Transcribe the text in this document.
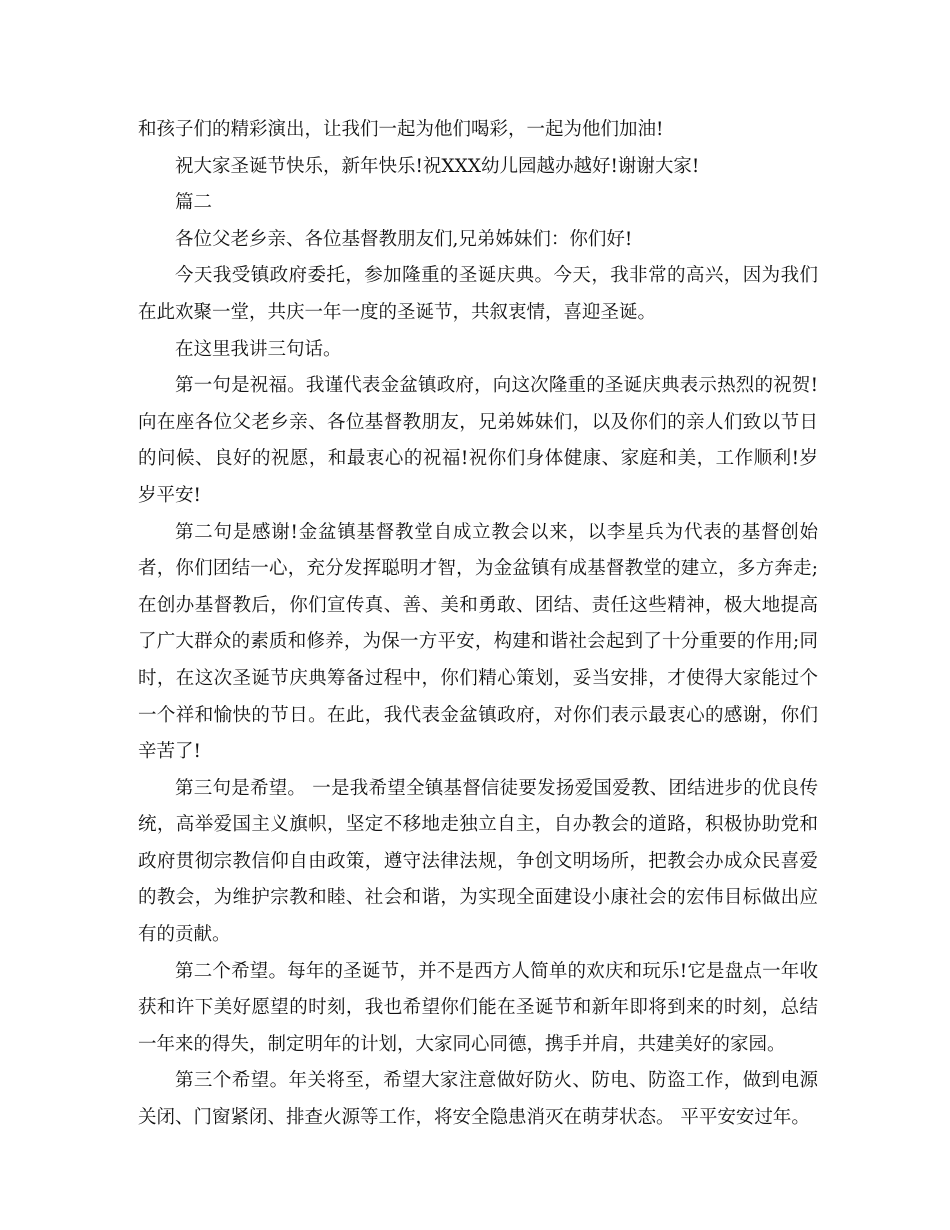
和孩子们的精彩演出，让我们一起为他们喝彩，一起为他们加油!

祝大家圣诞节快乐，新年快乐!祝XXX幼儿园越办越好!谢谢大家!

篇二

各位父老乡亲、各位基督教朋友们,兄弟姊妹们：你们好!

今天我受镇政府委托，参加隆重的圣诞庆典。今天，我非常的高兴，因为我们在此欢聚一堂，共庆一年一度的圣诞节，共叙衷情，喜迎圣诞。

在这里我讲三句话。

第一句是祝福。我谨代表金盆镇政府，向这次隆重的圣诞庆典表示热烈的祝贺!向在座各位父老乡亲、各位基督教朋友，兄弟姊妹们，以及你们的亲人们致以节日的问候、良好的祝愿，和最衷心的祝福!祝你们身体健康、家庭和美，工作顺利!岁岁平安!

第二句是感谢!金盆镇基督教堂自成立教会以来，以李星兵为代表的基督创始者，你们团结一心，充分发挥聪明才智，为金盆镇有成基督教堂的建立，多方奔走;在创办基督教后，你们宣传真、善、美和勇敢、团结、责任这些精神，极大地提高了广大群众的素质和修养，为保一方平安，构建和谐社会起到了十分重要的作用;同时，在这次圣诞节庆典筹备过程中，你们精心策划，妥当安排，才使得大家能过个一个祥和愉快的节日。在此，我代表金盆镇政府，对你们表示最衷心的感谢，你们辛苦了!

第三句是希望。 一是我希望全镇基督信徒要发扬爱国爱教、团结进步的优良传统，高举爱国主义旗帜，坚定不移地走独立自主，自办教会的道路，积极协助党和政府贯彻宗教信仰自由政策，遵守法律法规，争创文明场所，把教会办成众民喜爱的教会，为维护宗教和睦、社会和谐，为实现全面建设小康社会的宏伟目标做出应有的贡献。

第二个希望。每年的圣诞节，并不是西方人简单的欢庆和玩乐!它是盘点一年收获和许下美好愿望的时刻，我也希望你们能在圣诞节和新年即将到来的时刻，总结一年来的得失，制定明年的计划，大家同心同德，携手并肩，共建美好的家园。

第三个希望。年关将至，希望大家注意做好防火、防电、防盗工作，做到电源关闭、门窗紧闭、排查火源等工作，将安全隐患消灭在萌芽状态。 平平安安过年。
